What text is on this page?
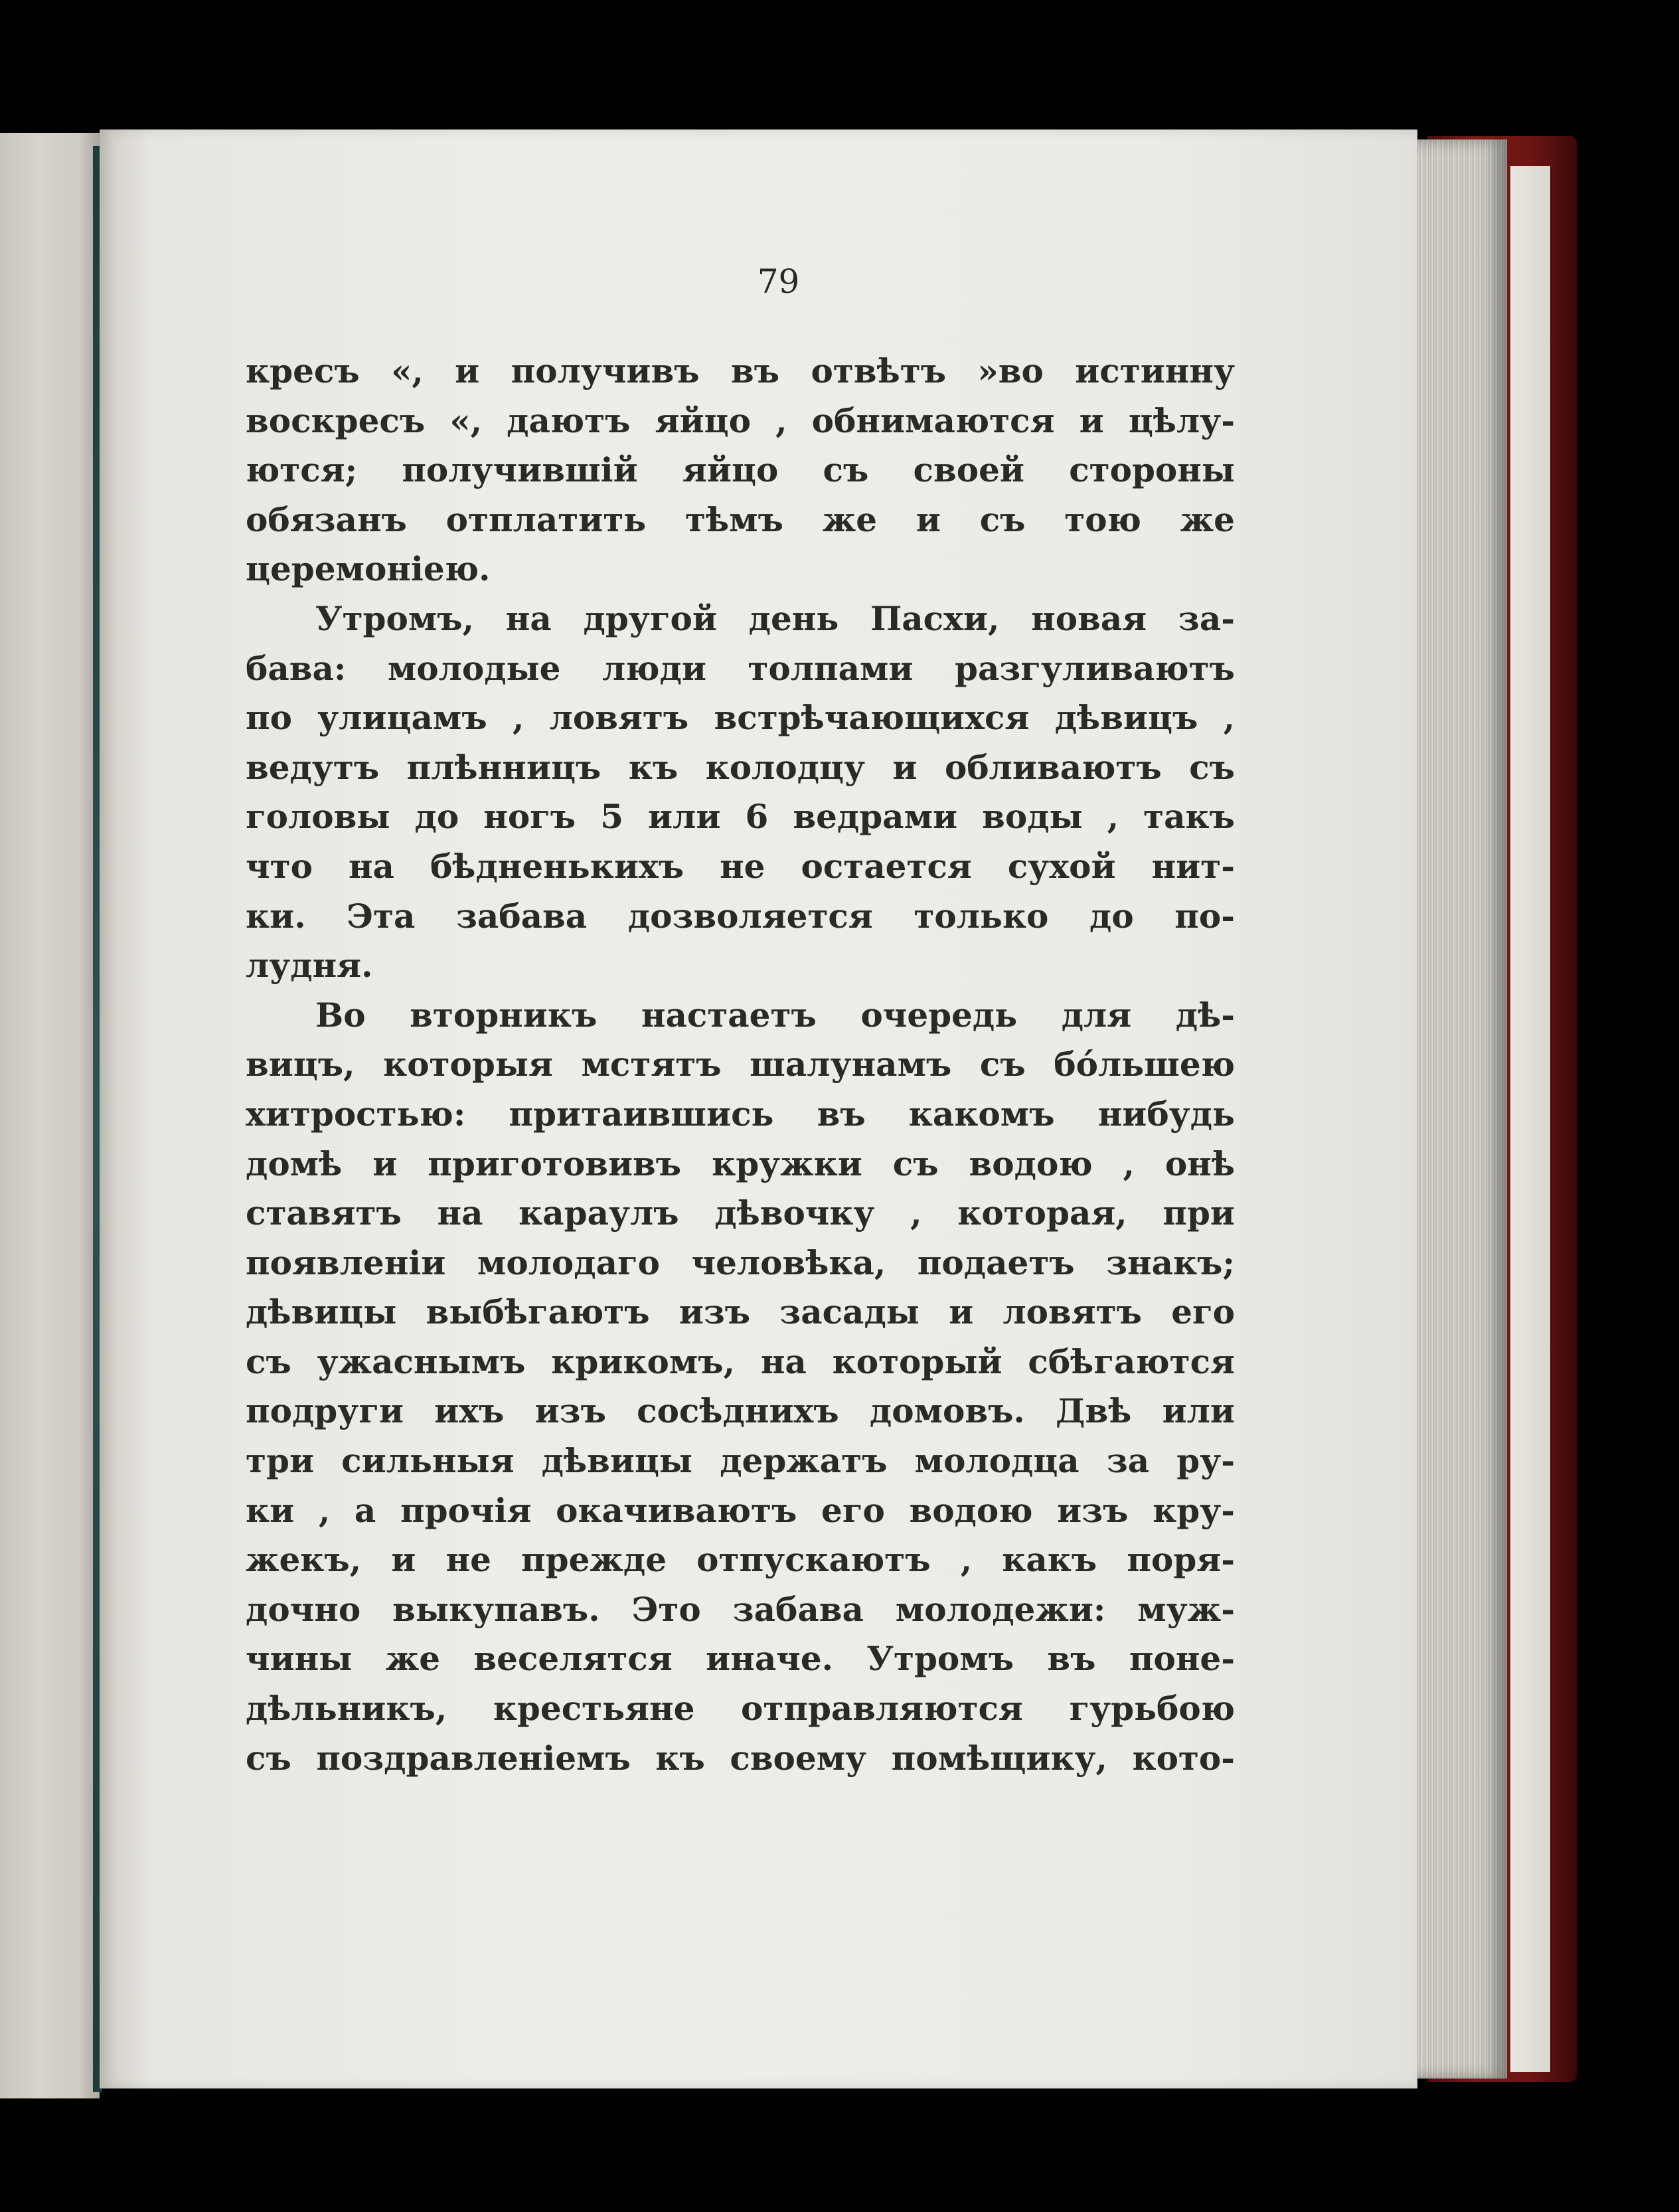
79
кресъ «, и получивъ въ отвѣтъ »во истинну
воскресъ «, даютъ яйцо , обнимаются и цѣлу-
ются; получившій яйцо съ своей стороны
обязанъ отплатить тѣмъ же и съ тою же
церемоніею.
Утромъ, на другой день Пасхи, новая за-
бава: молодые люди толпами разгуливаютъ
по улицамъ , ловятъ встрѣчающихся дѣвицъ ,
ведутъ плѣнницъ къ колодцу и обливаютъ съ
головы до ногъ 5 или 6 ведрами воды , такъ
что на бѣдненькихъ не остается сухой нит-
ки. Эта забава дозволяется только до по-
лудня.
Во вторникъ настаетъ очередь для дѣ-
вицъ, которыя мстятъ шалунамъ съ бо́льшею
хитростью: притаившись въ какомъ нибудь
домѣ и приготовивъ кружки съ водою , онѣ
ставятъ на караулъ дѣвочку , которая, при
появленіи молодаго человѣка, подаетъ знакъ;
дѣвицы выбѣгаютъ изъ засады и ловятъ его
съ ужаснымъ крикомъ, на который сбѣгаются
подруги ихъ изъ сосѣднихъ домовъ. Двѣ или
три сильныя дѣвицы держатъ молодца за ру-
ки , а прочія окачиваютъ его водою изъ кру-
жекъ, и не прежде отпускаютъ , какъ поря-
дочно выкупавъ. Это забава молодежи: муж-
чины же веселятся иначе. Утромъ въ поне-
дѣльникъ, крестьяне отправляются гурьбою
съ поздравленіемъ къ своему помѣщику, кото-
